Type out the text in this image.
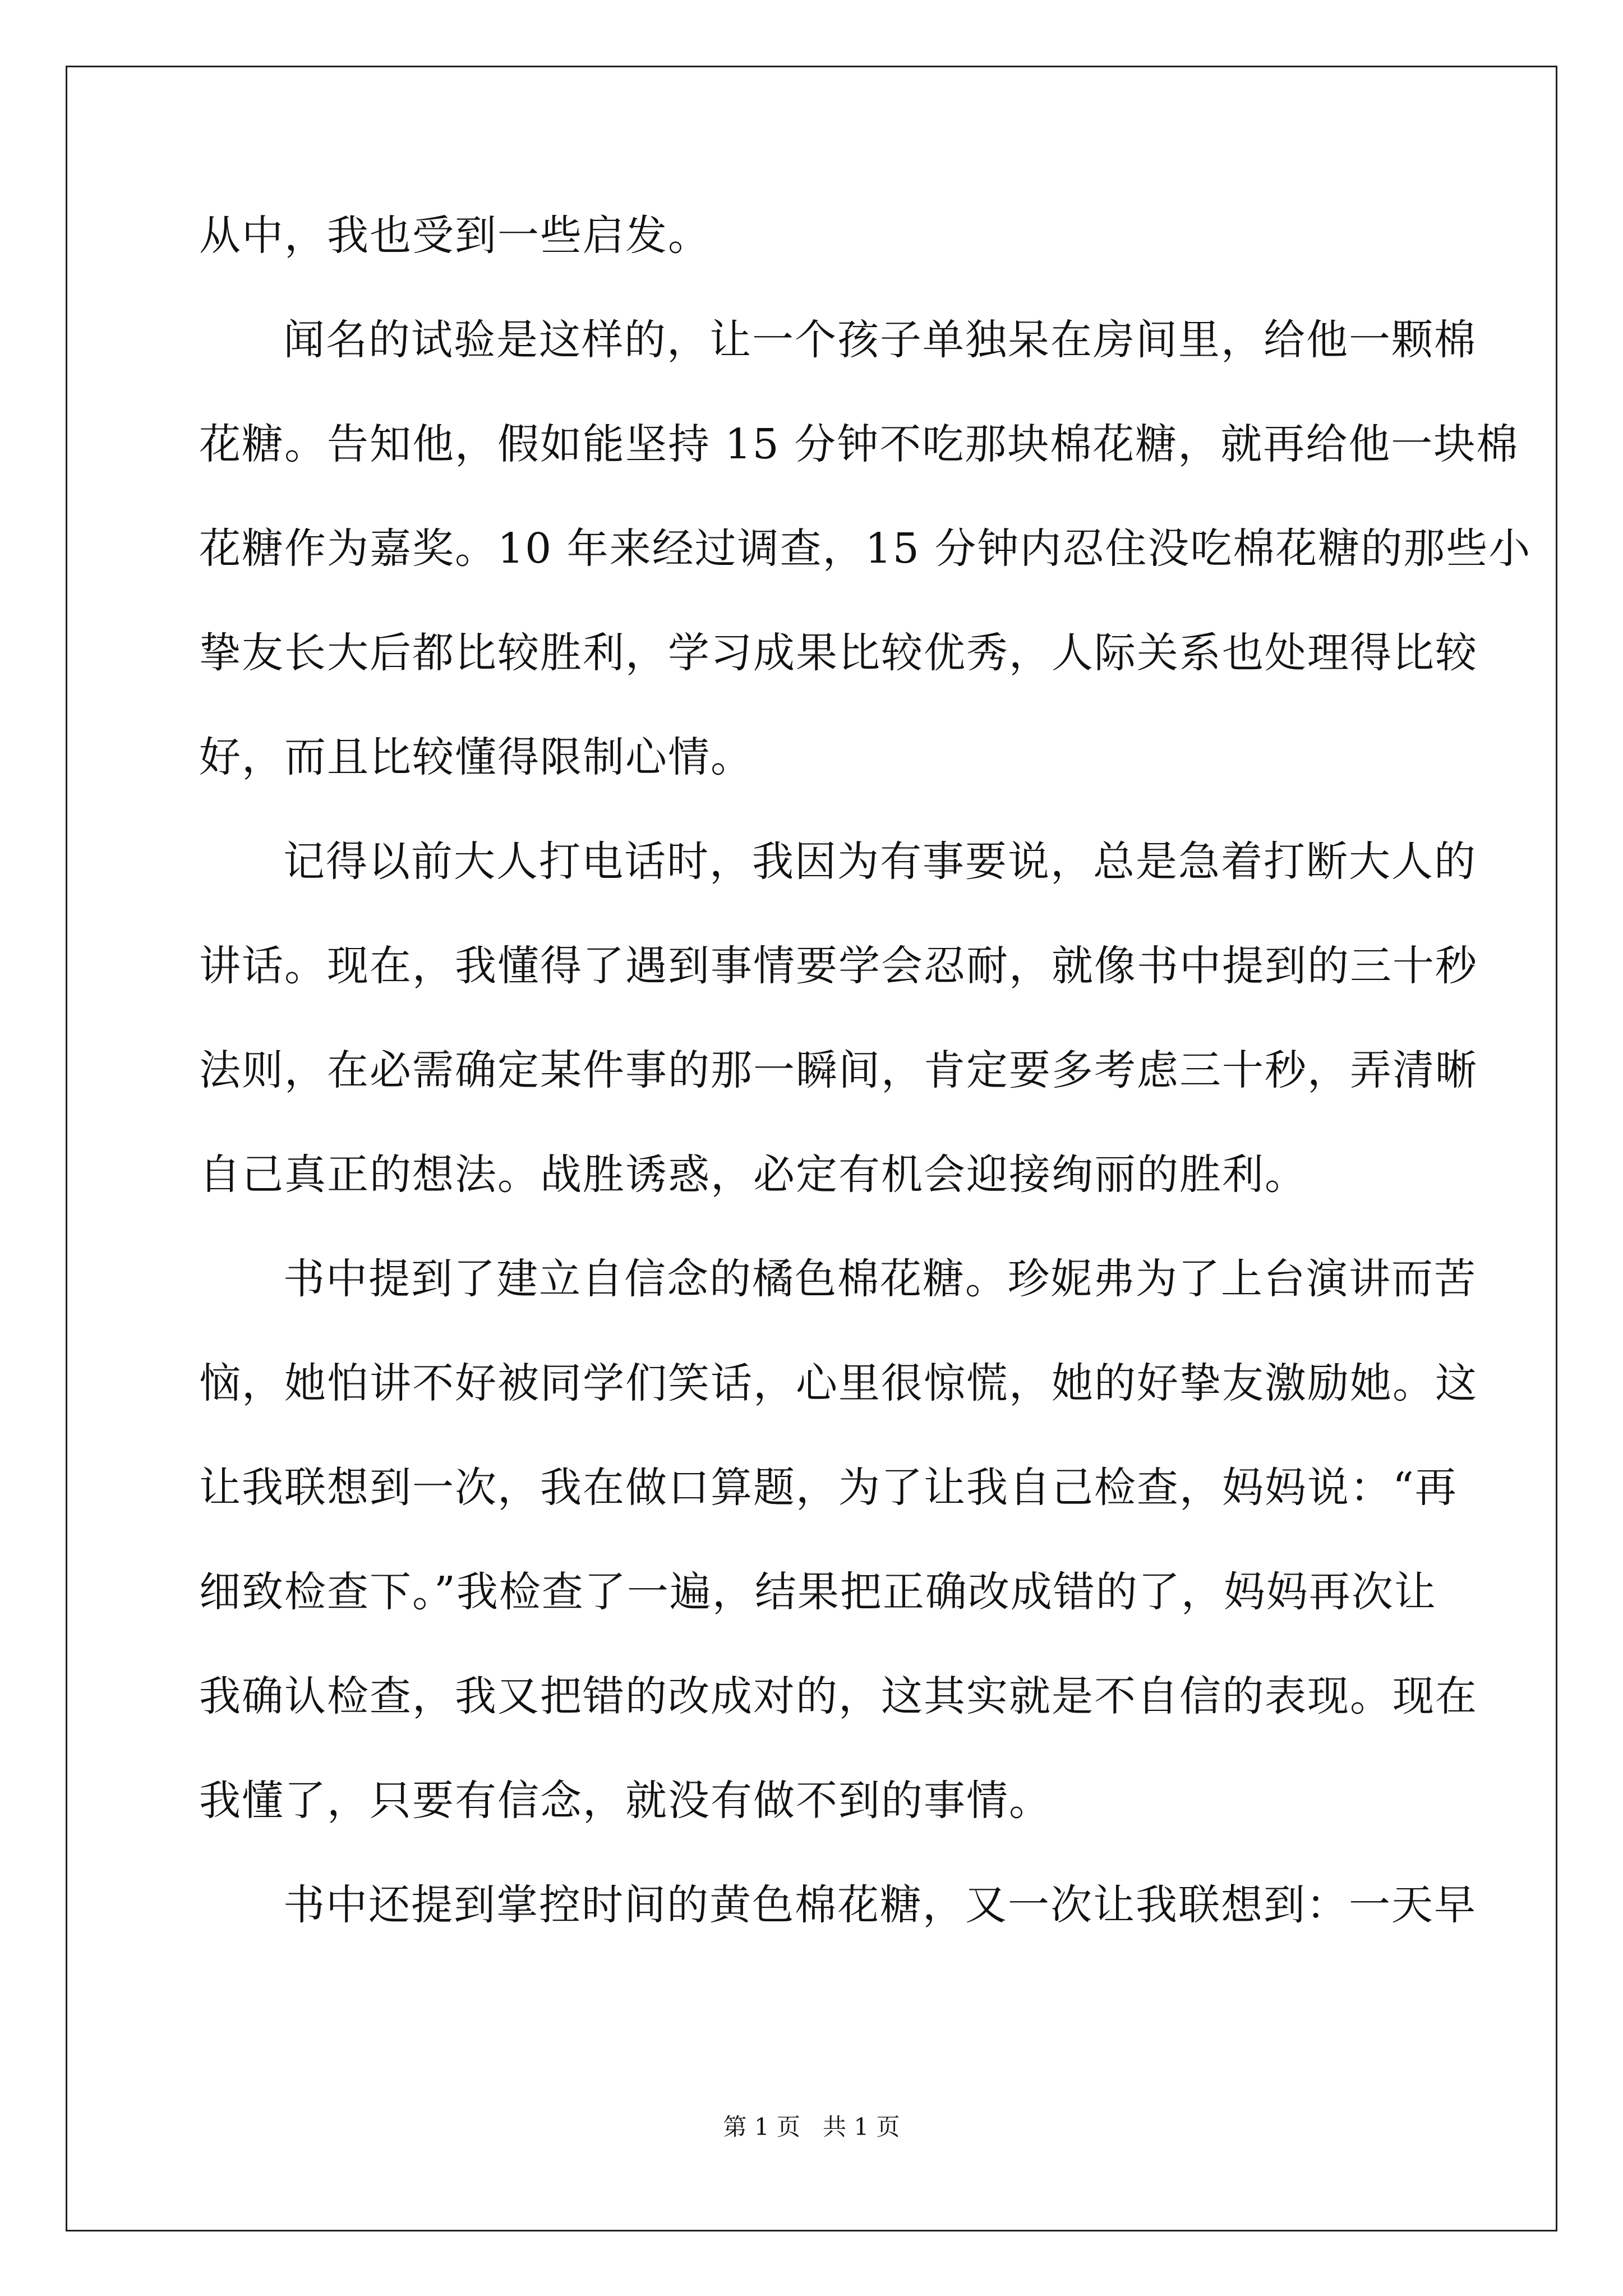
从中，我也受到一些启发。
闻名的试验是这样的，让一个孩子单独呆在房间里，给他一颗棉
花糖。告知他，假如能坚持 15 分钟不吃那块棉花糖，就再给他一块棉
花糖作为嘉奖。10 年来经过调查，15 分钟内忍住没吃棉花糖的那些小
挚友长大后都比较胜利，学习成果比较优秀，人际关系也处理得比较
好，而且比较懂得限制心情。
记得以前大人打电话时，我因为有事要说，总是急着打断大人的
讲话。现在，我懂得了遇到事情要学会忍耐，就像书中提到的三十秒
法则，在必需确定某件事的那一瞬间，肯定要多考虑三十秒，弄清晰
自己真正的想法。战胜诱惑，必定有机会迎接绚丽的胜利。
书中提到了建立自信念的橘色棉花糖。珍妮弗为了上台演讲而苦
恼，她怕讲不好被同学们笑话，心里很惊慌，她的好挚友激励她。这
让我联想到一次，我在做口算题，为了让我自己检查，妈妈说：“再
细致检查下。”我检查了一遍，结果把正确改成错的了，妈妈再次让
我确认检查，我又把错的改成对的，这其实就是不自信的表现。现在
我懂了，只要有信念，就没有做不到的事情。
书中还提到掌控时间的黄色棉花糖，又一次让我联想到：一天早
第 1 页   共 1 页
